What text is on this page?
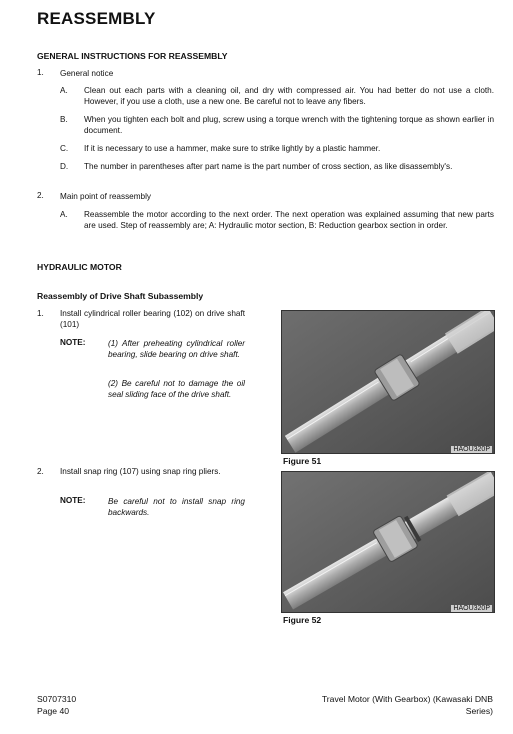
REASSEMBLY
GENERAL INSTRUCTIONS FOR REASSEMBLY
1. General notice
A. Clean out each parts with a cleaning oil, and dry with compressed air. You had better do not use a cloth. However, if you use a cloth, use a new one. Be careful not to leave any fibers.
B. When you tighten each bolt and plug, screw using a torque wrench with the tightening torque as shown earlier in document.
C. If it is necessary to use a hammer, make sure to strike lightly by a plastic hammer.
D. The number in parentheses after part name is the part number of cross section, as like disassembly's.
2. Main point of reassembly
A. Reassemble the motor according to the next order. The next operation was explained assuming that new parts are used. Step of reassembly are; A: Hydraulic motor section, B: Reduction gearbox section in order.
HYDRAULIC MOTOR
Reassembly of Drive Shaft Subassembly
1. Install cylindrical roller bearing (102) on drive shaft (101)
NOTE:	(1) After preheating cylindrical roller bearing, slide bearing on drive shaft.
(2) Be careful not to damage the oil seal sliding face of the drive shaft.
2. Install snap ring (107) using snap ring pliers.
NOTE:	Be careful not to install snap ring backwards.
HAOU320P
Figure 51
HAOU320P
Figure 52
S0707310
Page 40
Travel Motor (With Gearbox) (Kawasaki DNB
Series)
